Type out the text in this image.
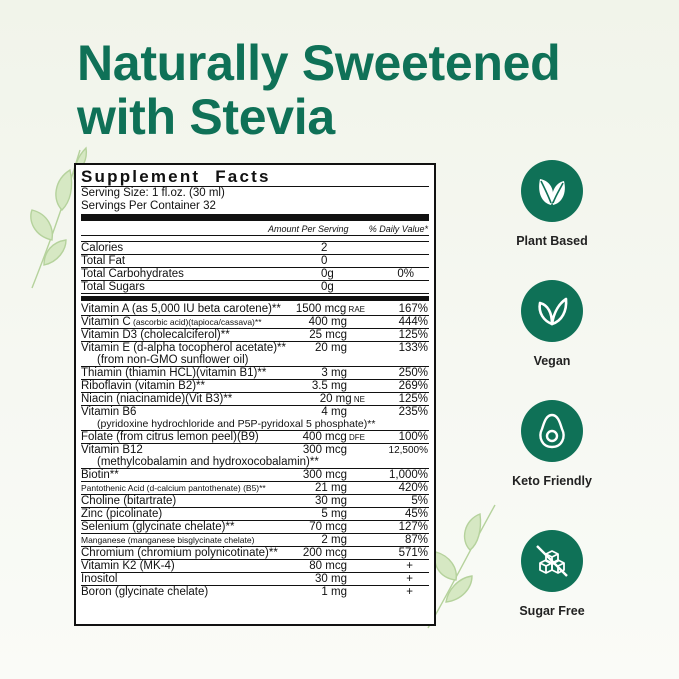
Naturally Sweetened
with Stevia
Supplement Facts
Serving Size: 1 fl.oz. (30 ml)
Servings Per Container 32
Amount Per Serving % Daily Value*
Calories	2
Total Fat	0
Total Carbohydrates	0g	0%
Total Sugars	0g
Vitamin A (as 5,000 IU beta carotene)** 1500 mcg RAE	167%
Vitamin C (ascorbic acid)(tapioca/cassava)**	400 mg	444%
Vitamin D3 (cholecalciferol)**	25 mcg	125%
Vitamin E (d-alpha tocopherol acetate)**
(from non-GMO sunflower oil)
20 mg	133%
Thiamin (thiamin HCL)(vitamin B1)**	3 mg	250%
Riboflavin (vitamin B2)**	3.5 mg	269%
Niacin (niacinamide)(Vit B3)**	20 mg NE	125%
Vitamin B6
(pyridoxine hydrochloride and P5P-pyridoxal 5 phosphate)**
4 mg	235%
Folate (from citrus lemon peel)(B9)	400 mcg DFE	100%
Vitamin B12
(methylcobalamin and hydroxocobalamin)**
300 mcg	12,500%
Biotin**	300 mcg	1,000%
Pantothenic Acid (d-calcium pantothenate) (B5)**	21 mg	420%
Choline (bitartrate)	30 mg	5%
Zinc (picolinate)	5 mg	45%
Selenium (glycinate chelate)**	70 mcg	127%
Manganese (manganese bisglycinate chelate)	2 mg	87%
Chromium (chromium polynicotinate)** 200 mcg	571%
Vitamin K2 (MK-4)	80 mcg	+
Inositol	30 mg	+
Boron (glycinate chelate)	1 mg	+
Plant Based
Vegan
Keto Friendly
Sugar Free
